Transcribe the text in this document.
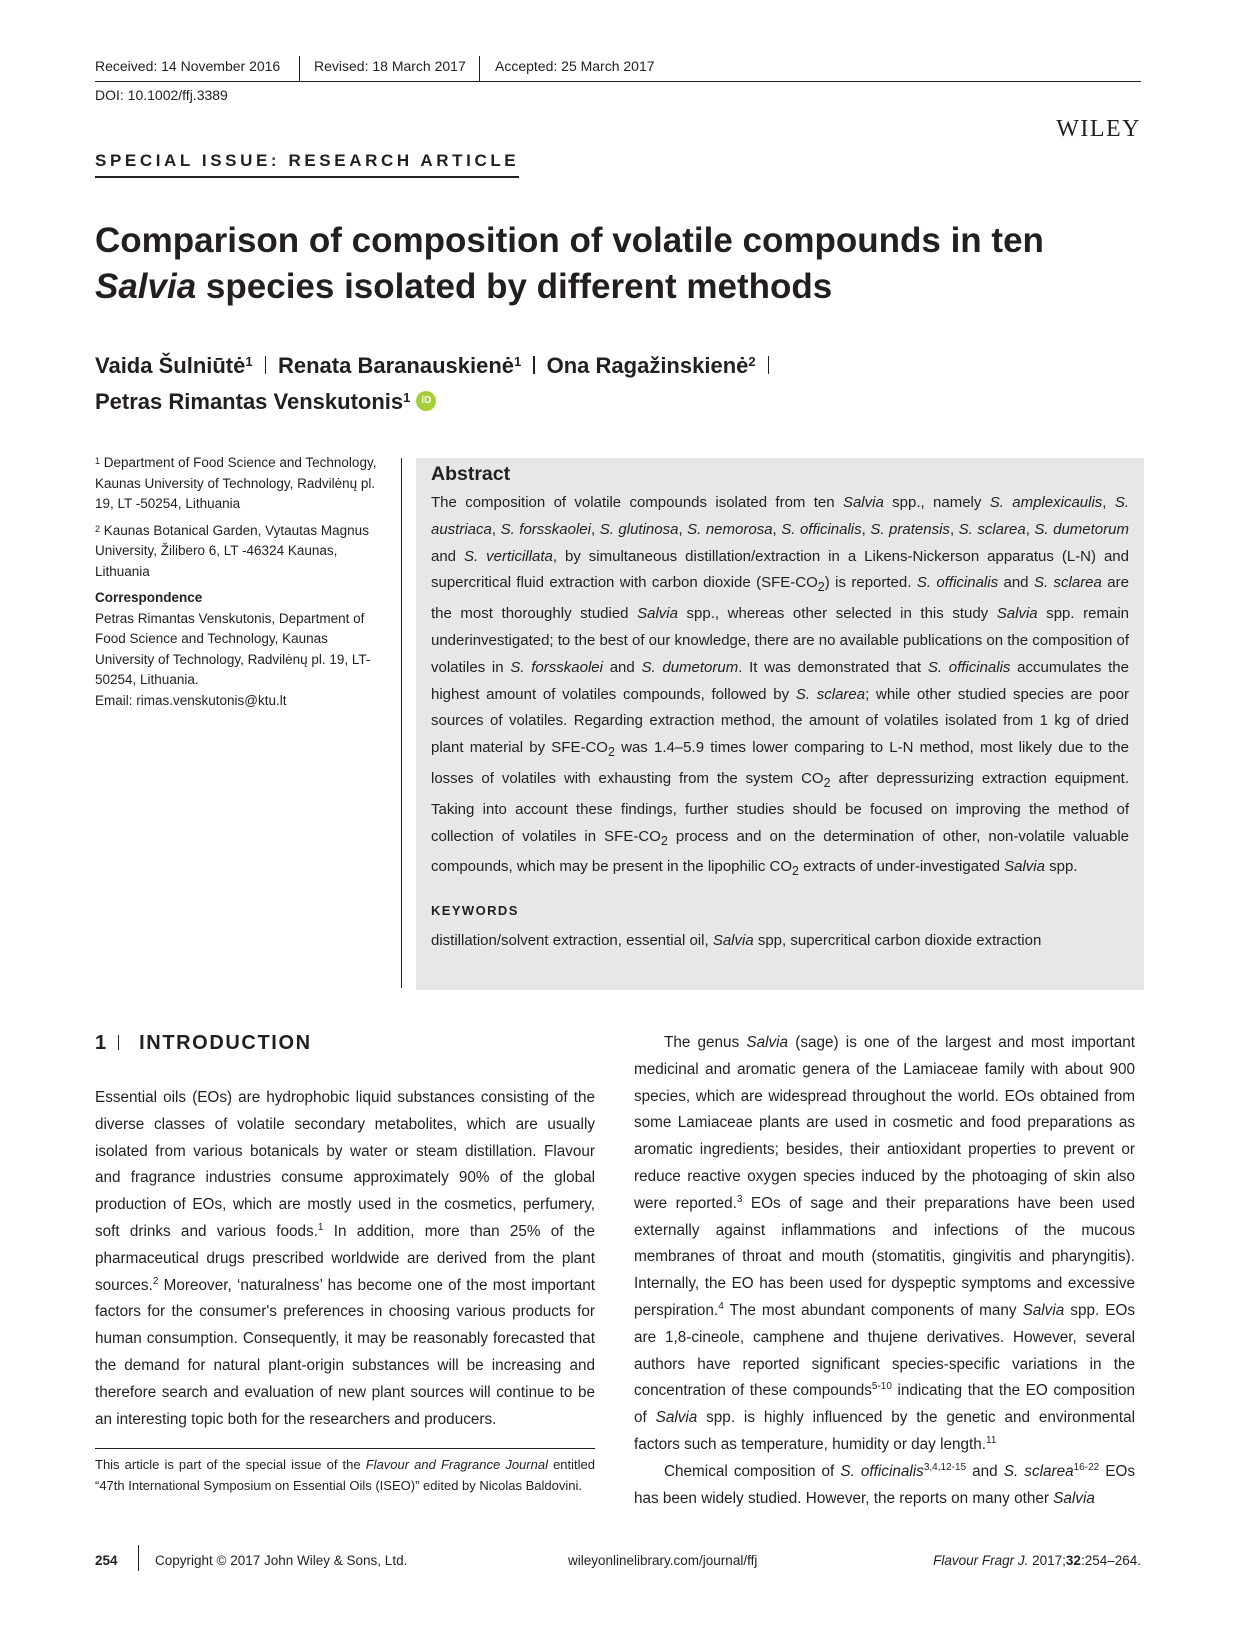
Received: 14 November 2016 Revised: 18 March 2017 Accepted: 25 March 2017
DOI: 10.1002/ffj.3389
WILEY
SPECIAL ISSUE: RESEARCH ARTICLE
Comparison of composition of volatile compounds in ten Salvia species isolated by different methods
Vaida Šulniūtė$^1$ Renata Baranauskienė$^1$ Ona Ragažinskienė$^2$
Petras Rimantas Venskutonis$^1$ iD

$^1$ Department of Food Science and Technology, Kaunas University of Technology, Radvilėnų pl. 19, LT -50254, Lithuania

$^2$ Kaunas Botanical Garden, Vytautas Magnus University, Žilibero 6, LT -46324 Kaunas, Lithuania

Correspondence

Petras Rimantas Venskutonis, Department of Food Science and Technology, Kaunas University of Technology, Radvilėnų pl. 19, LT-50254, Lithuania.

Email: rimas.venskutonis@ktu.lt

Abstract
The composition of volatile compounds isolated from ten Salvia spp., namely S. amplexicaulis, S. austriaca, S. forsskaolei, S. glutinosa, S. nemorosa, S. officinalis, S. pratensis, S. sclarea, S. dumetorum and S. verticillata, by simultaneous distillation/extraction in a Likens-Nickerson apparatus (L-N) and supercritical fluid extraction with carbon dioxide $(SFE-CO_2)$ is reported. S. officinalis and S. sclarea are the most thoroughly studied Salvia spp., whereas other selected in this study Salvia spp. remain underinvestigated; to the best of our knowledge, there are no available publications on the composition of volatiles in S. forsskaolei and S. dumetorum. It was demonstrated that S. officinalis accumulates the highest amount of volatiles compounds, followed by S. sclarea; while other studied species are poor sources of volatiles. Regarding extraction method, the amount of volatiles isolated from 1 kg of dried plant material by SFE-$CO_2$ was 1.4–5.9 times lower comparing to L-N method, most likely due to the losses of volatiles with exhausting from the system $CO_2$ after depressurizing extraction equipment. Taking into account these findings, further studies should be focused on improving the method of collection of volatiles in SFE-$CO_2$ process and on the determination of other, non-volatile valuable compounds, which may be present in the lipophilic $CO_2$ extracts of under-investigated Salvia spp.
KEYWORDS
distillation/solvent extraction, essential oil, Salvia spp, supercritical carbon dioxide extraction
1 INTRODUCTION

Essential oils (EOs) are hydrophobic liquid substances consisting of the diverse classes of volatile secondary metabolites, which are usually isolated from various botanicals by water or steam distillation. Flavour and fragrance industries consume approximately 90% of the global production of EOs, which are mostly used in the cosmetics, perfumery, soft drinks and various foods.$^1$ In addition, more than 25% of the pharmaceutical drugs prescribed worldwide are derived from the plant sources.$^2$ Moreover, ‘naturalness’ has become one of the most important factors for the consumer's preferences in choosing various products for human consumption. Consequently, it may be reasonably forecasted that the demand for natural plant-origin substances will be increasing and therefore search and evaluation of new plant sources will continue to be an interesting topic both for the researchers and producers.

The genus Salvia (sage) is one of the largest and most important medicinal and aromatic genera of the Lamiaceae family with about 900 species, which are widespread throughout the world. EOs obtained from some Lamiaceae plants are used in cosmetic and food preparations as aromatic ingredients; besides, their antioxidant properties to prevent or reduce reactive oxygen species induced by the photoaging of skin also were reported.$^3$ EOs of sage and their preparations have been used externally against inflammations and infections of the mucous membranes of throat and mouth (stomatitis, gingivitis and pharyngitis). Internally, the EO has been used for dyspeptic symptoms and excessive perspiration.$^4$ The most abundant components of many Salvia spp. EOs are 1,8-cineole, camphene and thujene derivatives. However, several authors have reported significant species-specific variations in the concentration of these compounds$^{5-10}$ indicating that the EO composition of Salvia spp. is highly influenced by the genetic and environmental factors such as temperature, humidity or day length.$^{11}$

Chemical composition of S. officinalis$^{3,4,12-15}$ and S. sclarea$^{16-22}$ EOs has been widely studied. However, the reports on many other Salvia

This article is part of the special issue of the Flavour and Fragrance Journal entitled “47th International Symposium on Essential Oils (ISEO)” edited by Nicolas Baldovini.
254	Copyright © 2017 John Wiley & Sons, Ltd.	wileyonlinelibrary.com/journal/ffj	Flavour Fragr J. 2017;32:254–264.
